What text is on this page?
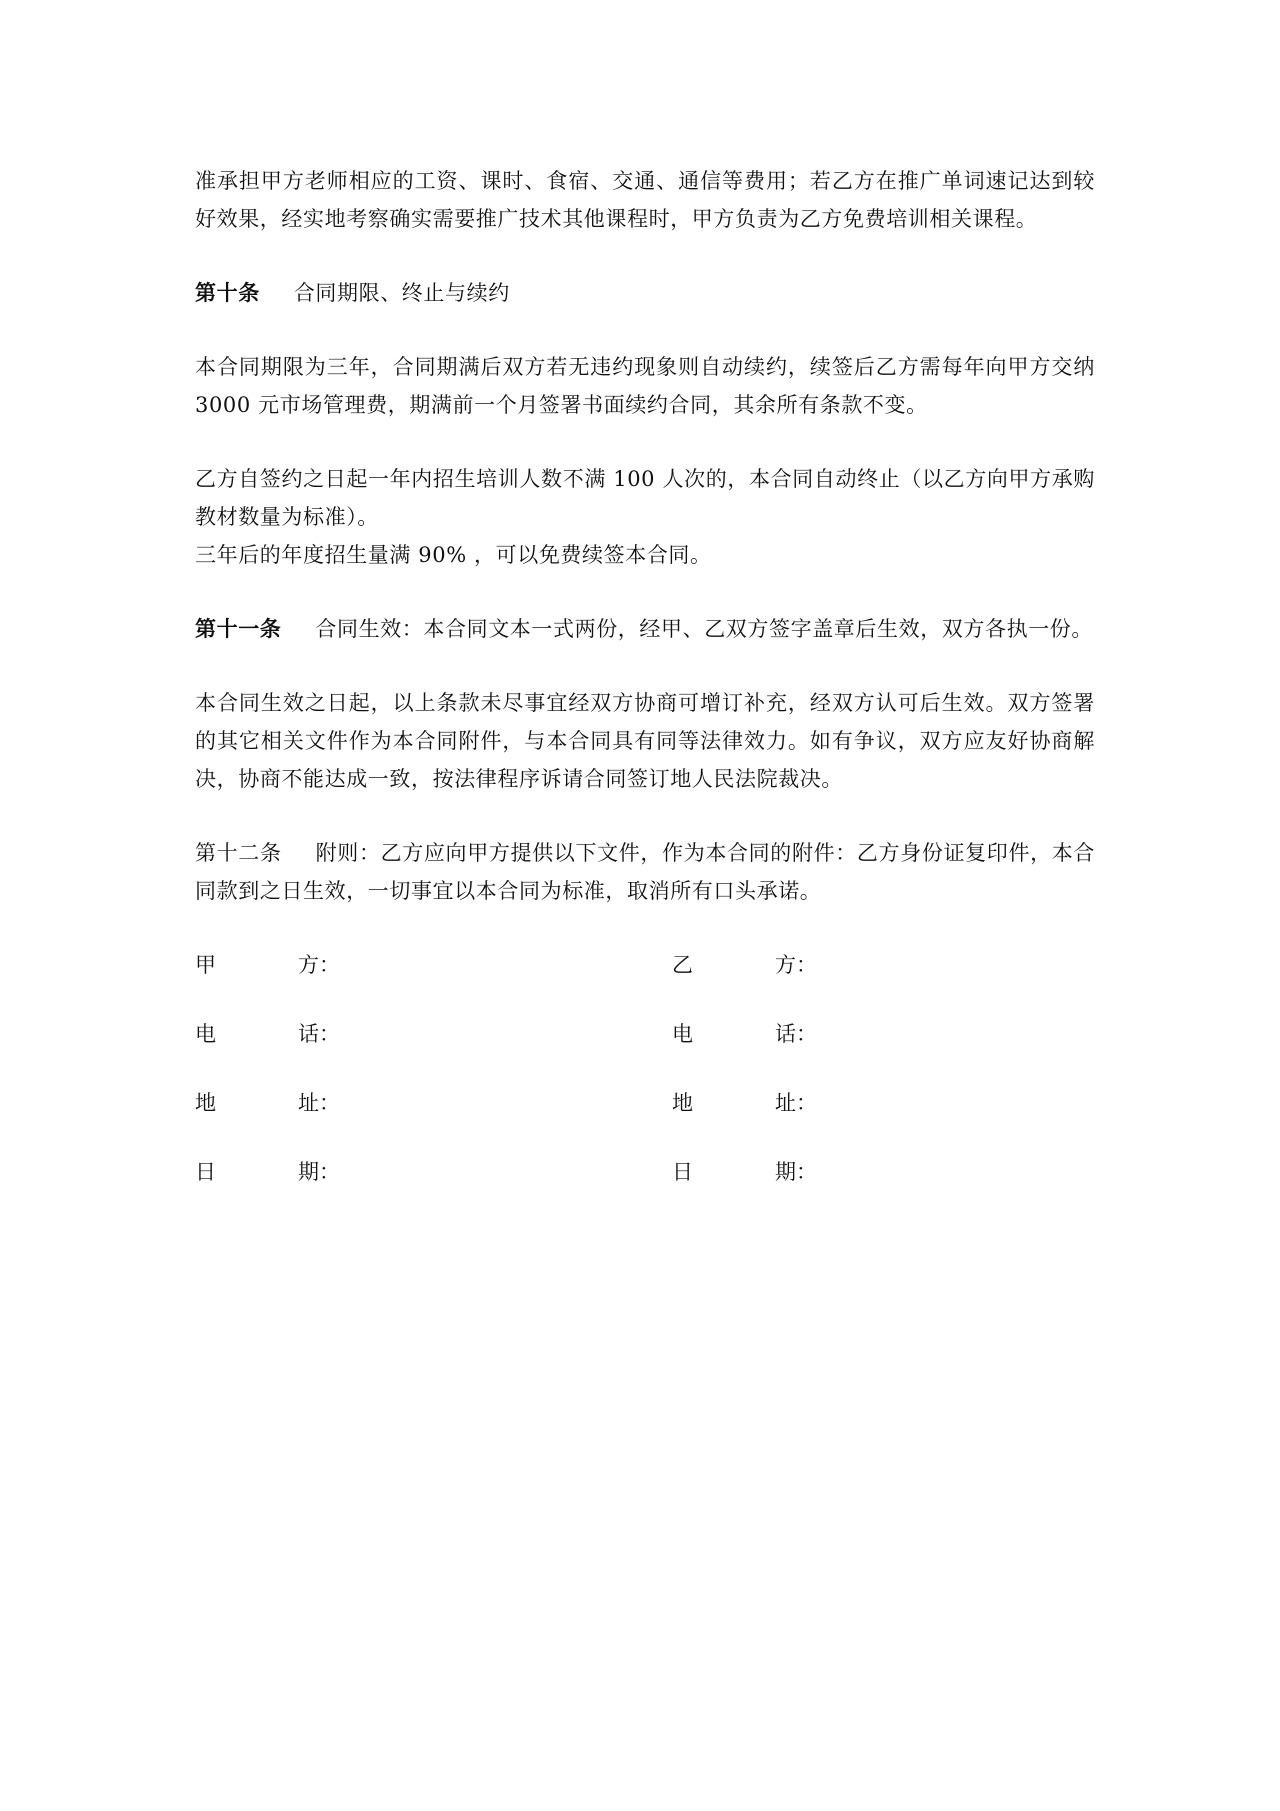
准承担甲方老师相应的工资、课时、食宿、交通、通信等费用；若乙方在推广单词速记达到较好效果，经实地考察确实需要推广技术其他课程时，甲方负责为乙方免费培训相关课程。

第十条 合同期限、终止与续约

本合同期限为三年，合同期满后双方若无违约现象则自动续约，续签后乙方需每年向甲方交纳 3000 元市场管理费，期满前一个月签署书面续约合同，其余所有条款不变。

乙方自签约之日起一年内招生培训人数不满 100 人次的，本合同自动终止（以乙方向甲方承购教材数量为标准）。

三年后的年度招生量满 90% ，可以免费续签本合同。

第十一条 合同生效：本合同文本一式两份，经甲、乙双方签字盖章后生效，双方各执一份。

本合同生效之日起，以上条款未尽事宜经双方协商可增订补充，经双方认可后生效。双方签署的其它相关文件作为本合同附件，与本合同具有同等法律效力。如有争议，双方应友好协商解决，协商不能达成一致，按法律程序诉请合同签订地人民法院裁决。

第十二条 附则：乙方应向甲方提供以下文件，作为本合同的附件：乙方身份证复印件，本合同款到之日生效，一切事宜以本合同为标准，取消所有口头承诺。

甲	方：	乙	方：
电	话：	电	话：
地	址：	地	址：
日	期：	日	期：
